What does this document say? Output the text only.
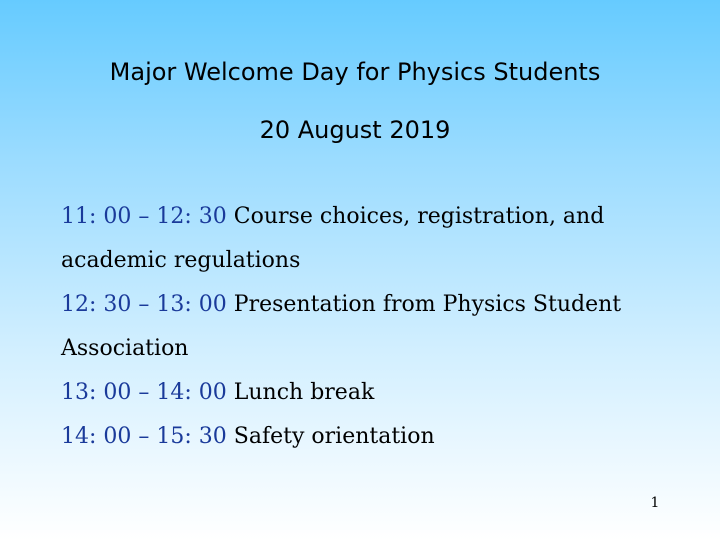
Major Welcome Day for Physics Students
20 August 2019

11: 00 – 12: 30 Course choices, registration, and academic regulations

12: 30 – 13: 00 Presentation from Physics Student Association

13: 00 – 14: 00 Lunch break

14: 00 – 15: 30 Safety orientation

1
